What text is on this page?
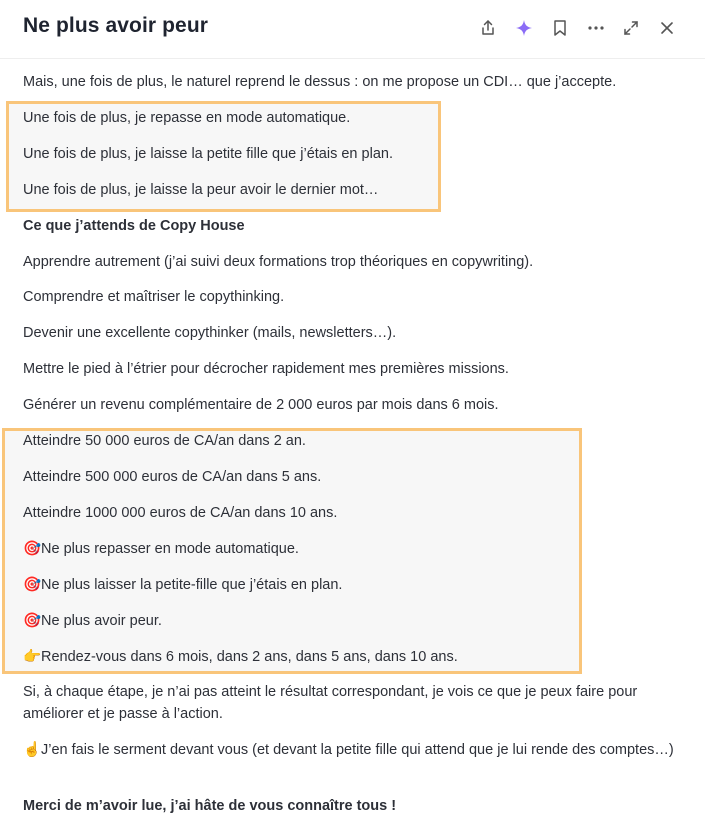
Ne plus avoir peur
Mais, une fois de plus, le naturel reprend le dessus : on me propose un CDI… que j’accepte.
Une fois de plus, je repasse en mode automatique.
Une fois de plus, je laisse la petite fille que j’étais en plan.
Une fois de plus, je laisse la peur avoir le dernier mot…
Ce que j’attends de Copy House
Apprendre autrement (j’ai suivi deux formations trop théoriques en copywriting).
Comprendre et maîtriser le copythinking.
Devenir une excellente copythinker (mails, newsletters…).
Mettre le pied à l’étrier pour décrocher rapidement mes premières missions.
Générer un revenu complémentaire de 2 000 euros par mois dans 6 mois.
Atteindre 50 000 euros de CA/an dans 2 an.
Atteindre 500 000 euros de CA/an dans 5 ans.
Atteindre 1000 000 euros de CA/an dans 10 ans.
🎯Ne plus repasser en mode automatique.
🎯Ne plus laisser la petite-fille que j’étais en plan.
🎯Ne plus avoir peur.
👉Rendez-vous dans 6 mois, dans 2 ans, dans 5 ans, dans 10 ans.
Si, à chaque étape, je n’ai pas atteint le résultat correspondant, je vois ce que je peux faire pour améliorer et je passe à l’action.
☝️J’en fais le serment devant vous (et devant la petite fille qui attend que je lui rende des comptes…)
Merci de m’avoir lue, j’ai hâte de vous connaître tous !
